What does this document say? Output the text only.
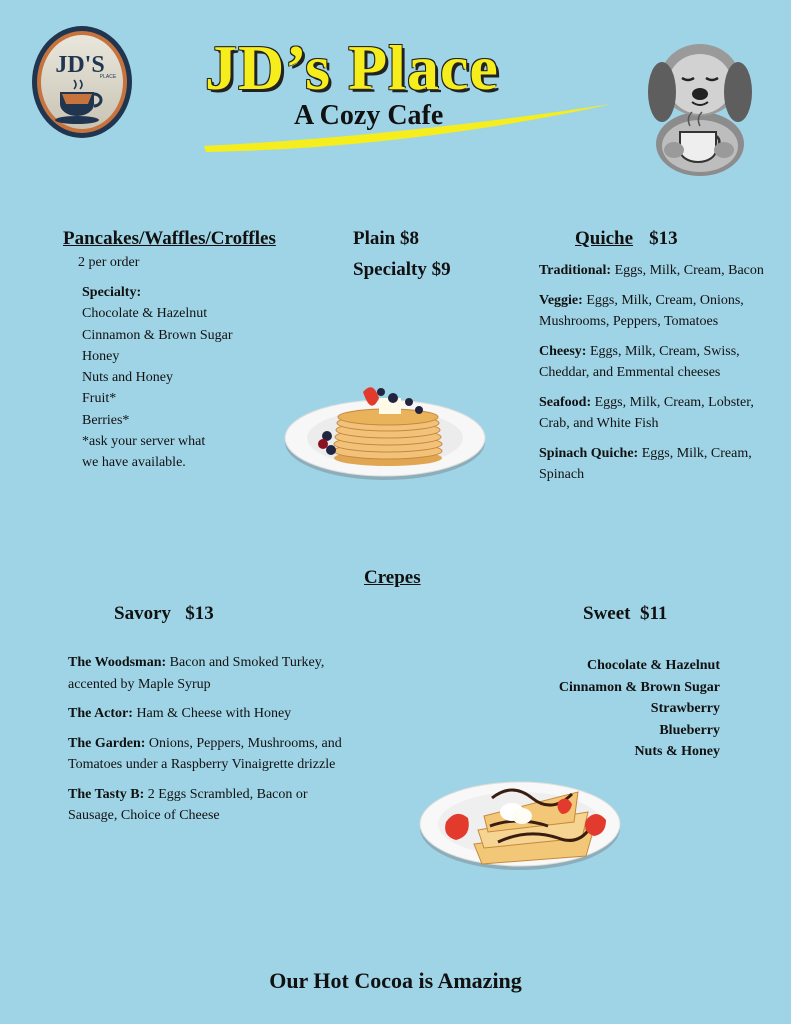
JD'S
PLACE JD’s Place
A Cozy Cafe
Pancakes/Waffles/Croffles
2 per order
Specialty:
Chocolate & Hazelnut
Cinnamon & Brown Sugar
Honey
Nuts and Honey
Fruit*
Berries*
*ask your server what
we have available.
Plain $8
Specialty $9
Quiche $13
Traditional: Eggs, Milk, Cream, Bacon
Veggie: Eggs, Milk, Cream, Onions, Mushrooms, Peppers, Tomatoes
Cheesy: Eggs, Milk, Cream, Swiss, Cheddar, and Emmental cheeses
Seafood: Eggs, Milk, Cream, Lobster, Crab, and White Fish
Spinach Quiche: Eggs, Milk, Cream, Spinach
Crepes
Savory   $13	Sweet  $11
The Woodsman: Bacon and Smoked Turkey, accented by Maple Syrup
The Actor: Ham & Cheese with Honey
The Garden: Onions, Peppers, Mushrooms, and Tomatoes under a Raspberry Vinaigrette drizzle
The Tasty B: 2 Eggs Scrambled, Bacon or Sausage, Choice of Cheese
Chocolate & Hazelnut
Cinnamon & Brown Sugar
Strawberry
Blueberry
Nuts & Honey
Our Hot Cocoa is Amazing
